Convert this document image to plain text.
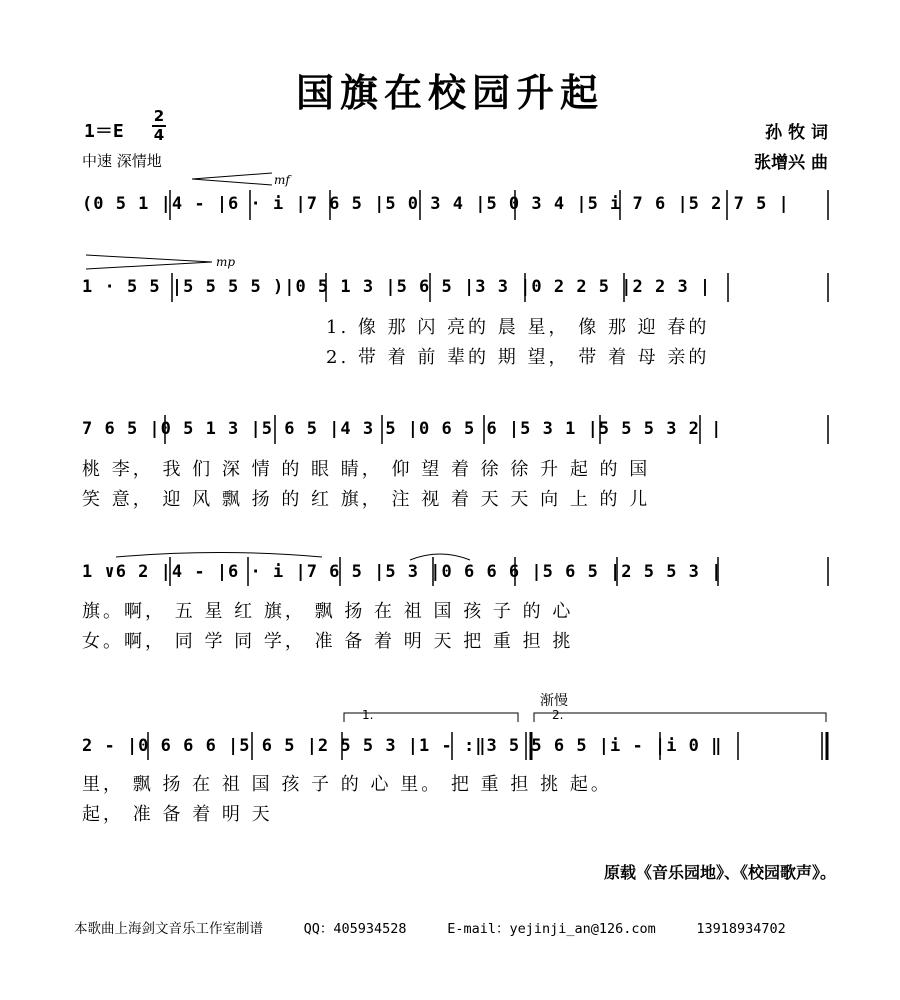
国旗在校园升起
1＝E
2
4
中速 深情地
孙 牧 词
张增兴 曲
mf
mp
1.	2.
(0 5 1 |4 - |6 · i |7 6 5 |5 0 3 4 |5 0 3 4 |5 i 7 6 |5 2 7 5 |
1 · 5 5 |5 5 5 5 )|0 5 1 3 |5 6 5 |3 3 |0 2 2 5 |2 2 3 |
1. 像 那 闪 亮的 晨 星， 像 那 迎 春的
2. 带 着 前 辈的 期 望， 带 着 母 亲的
7 6 5 |0 5 1 3 |5 6 5 |4 3 5 |0 6 5 6 |5 3 1 |5 5 5 3 2 |
桃 李， 我 们 深 情 的 眼 睛， 仰 望 着 徐 徐 升 起 的 国
笑 意， 迎 风 飘 扬 的 红 旗， 注 视 着 天 天 向 上 的 儿
1 ∨6 2 |4 - |6 · i |7 6 5 |5 3 |0 6 6 6 |5 6 5 |2 5 5 3 |
旗。啊， 五 星 红 旗， 飘 扬 在 祖 国 孩 子 的 心
女。啊， 同 学 同 学， 准 备 着 明 天 把 重 担 挑
渐慢
2 - |0 6 6 6 |5 6 5 |2 5 5 3 |1 - :‖3 5 5 6 5 |i - |i 0 ‖
里， 飘 扬 在 祖 国 孩 子 的 心 里。 把 重 担 挑 起。
起， 准 备 着 明 天
原载《音乐园地》、《校园歌声》。
本歌曲上海剑文音乐工作室制谱	QQ：405934528	E-mail：yejinji_an@126.com	13918934702
